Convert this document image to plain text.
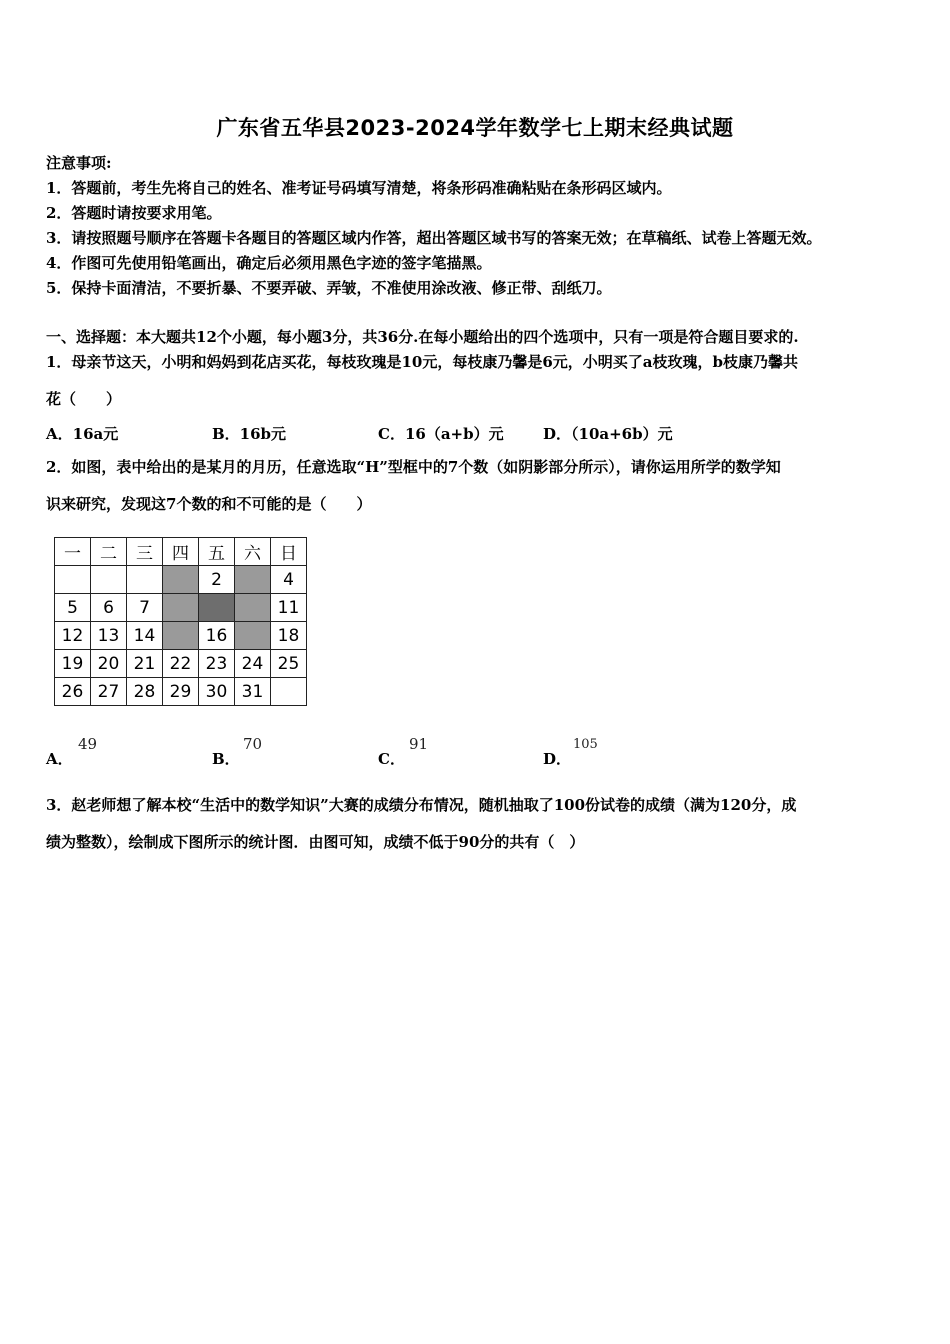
广东省五华县2023-2024学年数学七上期末经典试题
注意事项:
1．答题前，考生先将自己的姓名、准考证号码填写清楚，将条形码准确粘贴在条形码区域内。
2．答题时请按要求用笔。
3．请按照题号顺序在答题卡各题目的答题区域内作答，超出答题区域书写的答案无效；在草稿纸、试卷上答题无效。
4．作图可先使用铅笔画出，确定后必须用黑色字迹的签字笔描黑。
5．保持卡面清洁，不要折暴、不要弄破、弄皱，不准使用涂改液、修正带、刮纸刀。
一、选择题：本大题共12个小题，每小题3分，共36分.在每小题给出的四个选项中，只有一项是符合题目要求的.
1．母亲节这天，小明和妈妈到花店买花，每枝玫瑰是10元，每枝康乃馨是6元，小明买了a枝玫瑰，b枝康乃馨共
花（　　）
A．16a元	B．16b元	C．16（a+b）元	D．（10a+6b）元
2．如图，表中给出的是某月的月历，任意选取“H”型框中的7个数（如阴影部分所示），请你运用所学的数学知
识来研究，发现这7个数的和不可能的是（　　）
一	二	三	四	五	六	日
				2		4
5	6	7				11
12	13	14		16		18
19	20	21	22	23	24	25
26	27	28	29	30	31	
A．
49
B．
70
C．
91
D．
105
3．赵老师想了解本校“生活中的数学知识”大赛的成绩分布情况，随机抽取了100份试卷的成绩（满为120分，成
绩为整数），绘制成下图所示的统计图．由图可知，成绩不低于90分的共有（　）
